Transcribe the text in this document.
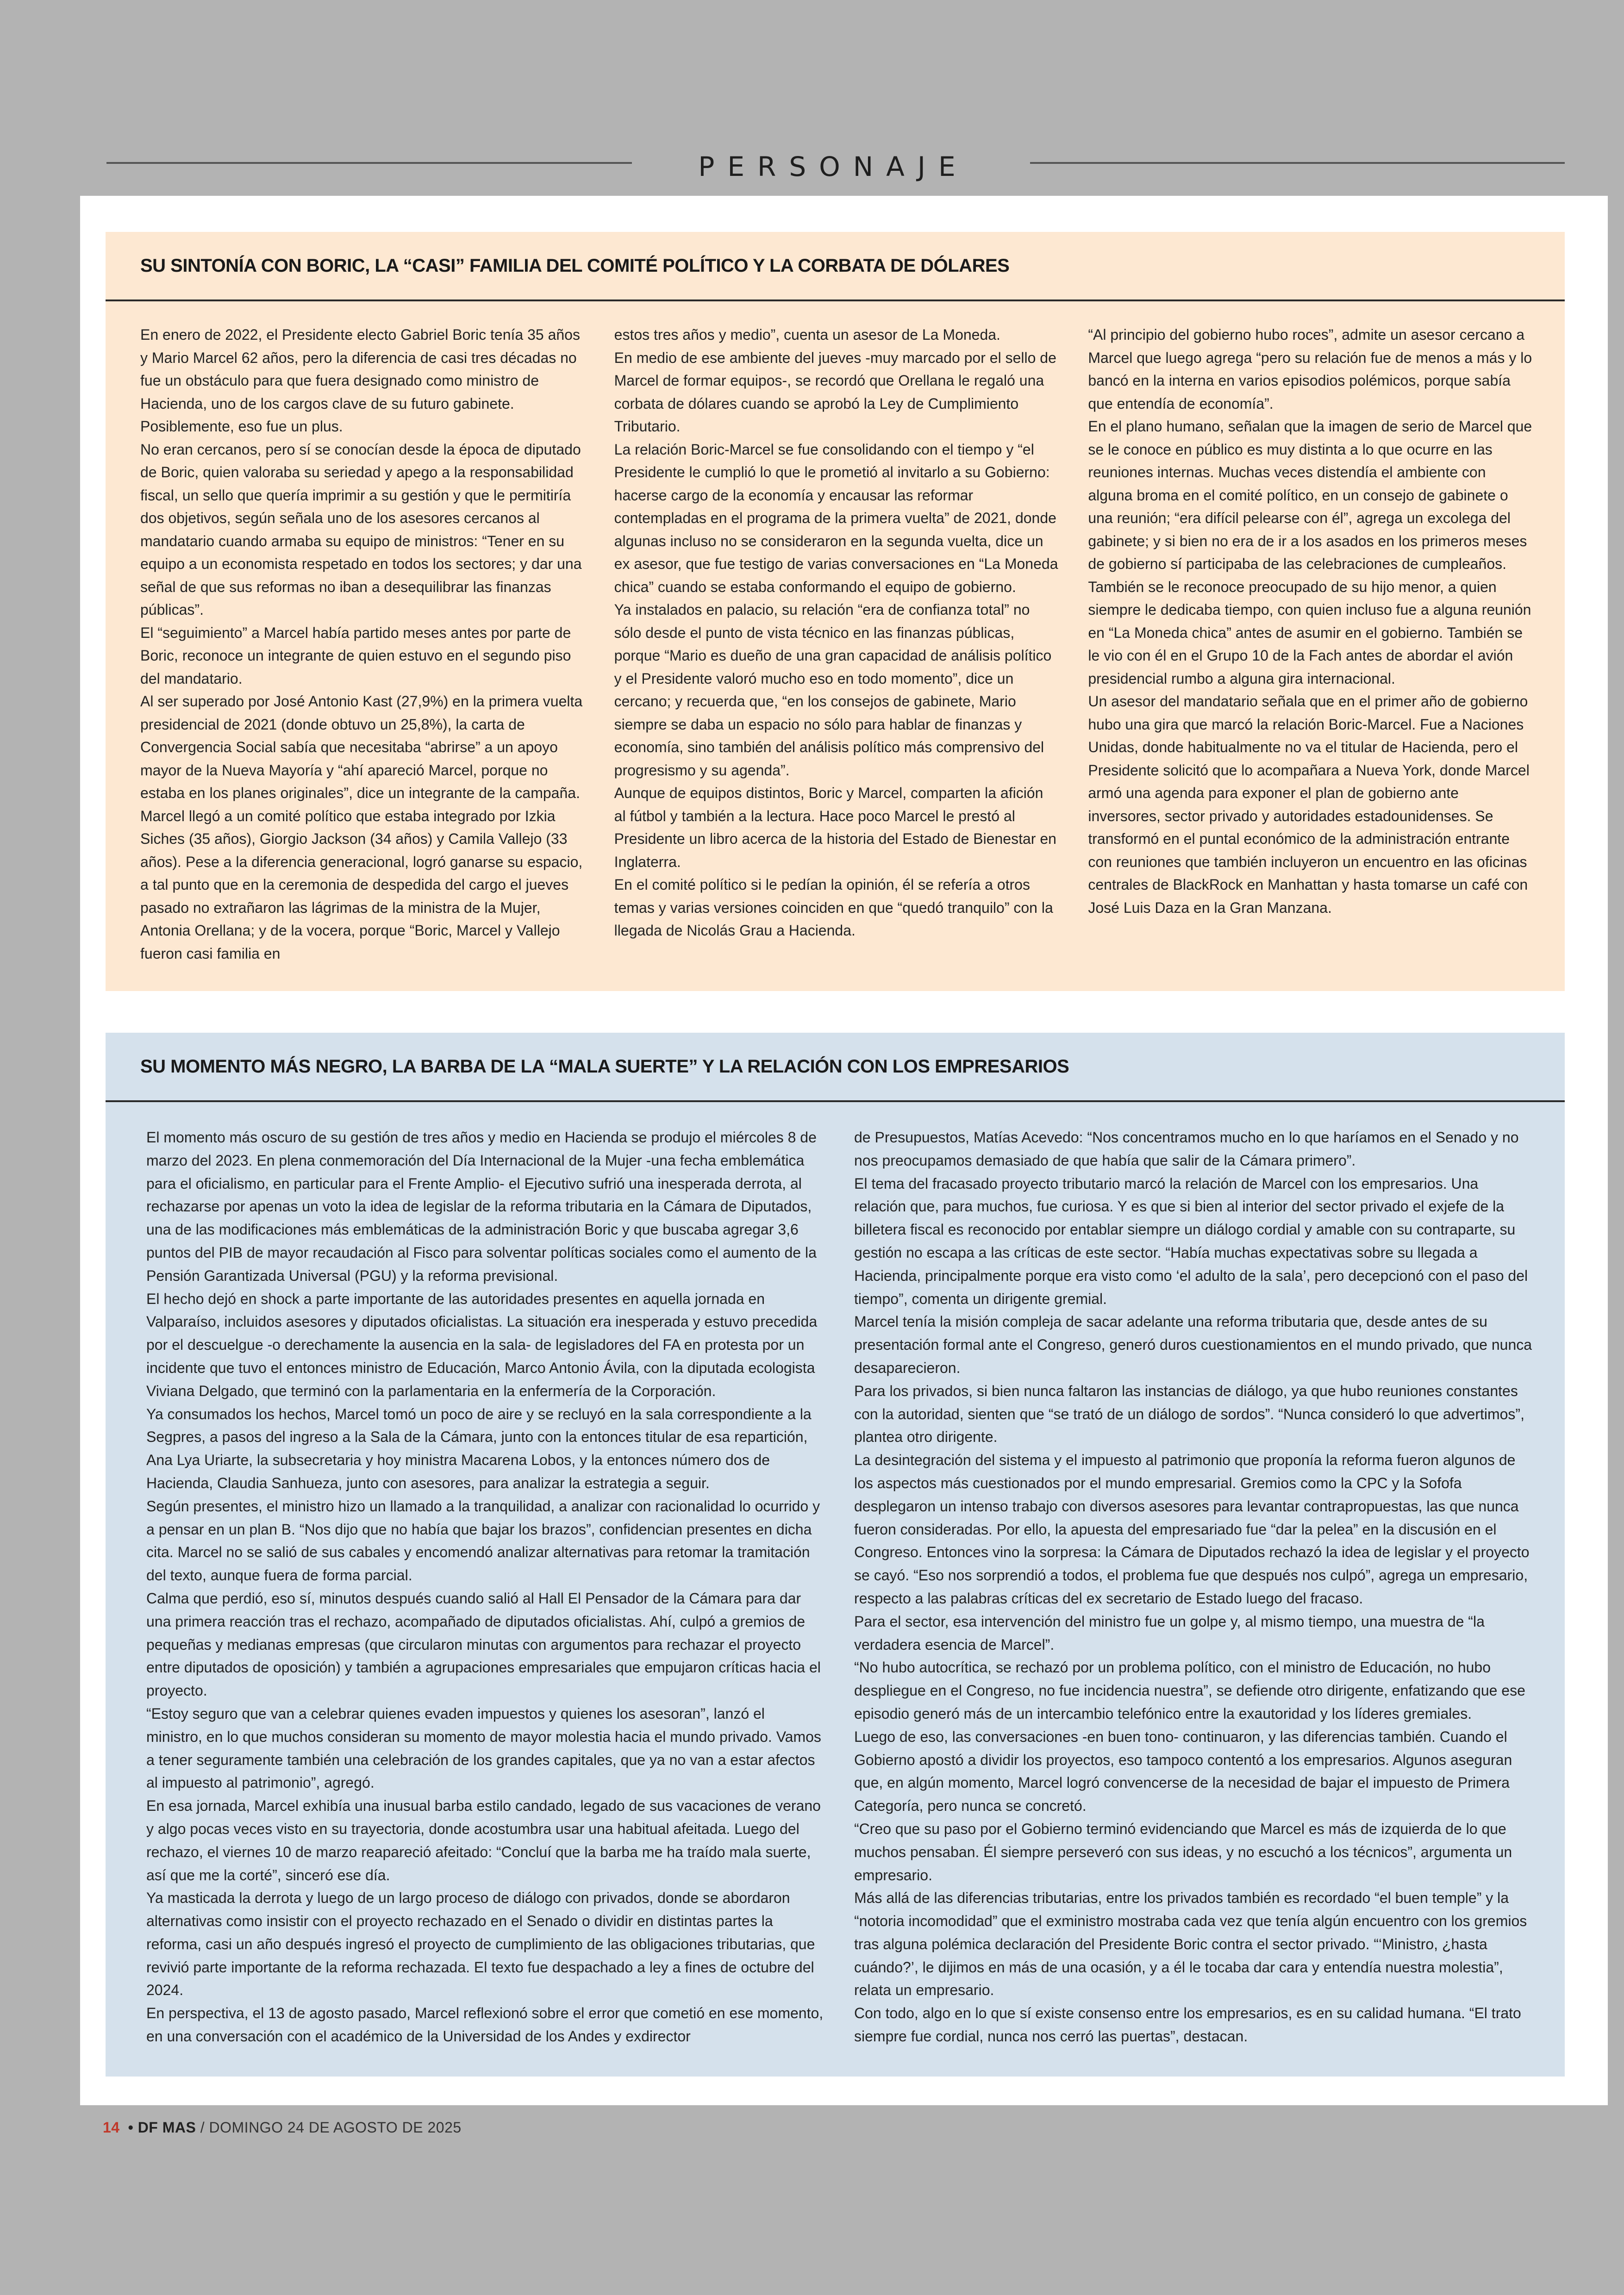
PERSONAJE
SU SINTONÍA CON BORIC, LA “CASI” FAMILIA DEL COMITÉ POLÍTICO Y LA CORBATA DE DÓLARES

En enero de 2022, el Presidente electo Gabriel Boric tenía 35 años y Mario Marcel 62 años, pero la diferencia de casi tres décadas no fue un obstáculo para que fuera designado como ministro de Hacienda, uno de los cargos clave de su futuro gabinete. Posiblemente, eso fue un plus.

No eran cercanos, pero sí se conocían desde la época de diputado de Boric, quien valoraba su seriedad y apego a la responsabilidad fiscal, un sello que quería imprimir a su gestión y que le permitiría dos objetivos, según señala uno de los asesores cercanos al mandatario cuando armaba su equipo de ministros: “Tener en su equipo a un economista respetado en todos los sectores; y dar una señal de que sus reformas no iban a desequilibrar las finanzas públicas”.

El “seguimiento” a Marcel había partido meses antes por parte de Boric, reconoce un integrante de quien estuvo en el segundo piso del mandatario.

Al ser superado por José Antonio Kast (27,9%) en la primera vuelta presidencial de 2021 (donde obtuvo un 25,8%), la carta de Convergencia Social sabía que necesitaba “abrirse” a un apoyo mayor de la Nueva Mayoría y “ahí apareció Marcel, porque no estaba en los planes originales”, dice un integrante de la campaña.

Marcel llegó a un comité político que estaba integrado por Izkia Siches (35 años), Giorgio Jackson (34 años) y Camila Vallejo (33 años). Pese a la diferencia generacional, logró ganarse su espacio, a tal punto que en la ceremonia de despedida del cargo el jueves pasado no extrañaron las lágrimas de la ministra de la Mujer, Antonia Orellana; y de la vocera, porque “Boric, Marcel y Vallejo fueron casi familia en

estos tres años y medio”, cuenta un asesor de La Moneda.

En medio de ese ambiente del jueves -muy marcado por el sello de Marcel de formar equipos-, se recordó que Orellana le regaló una corbata de dólares cuando se aprobó la Ley de Cumplimiento Tributario.

La relación Boric-Marcel se fue consolidando con el tiempo y “el Presidente le cumplió lo que le prometió al invitarlo a su Gobierno: hacerse cargo de la economía y encausar las reformar contempladas en el programa de la primera vuelta” de 2021, donde algunas incluso no se consideraron en la segunda vuelta, dice un ex asesor, que fue testigo de varias conversaciones en “La Moneda chica” cuando se estaba conformando el equipo de gobierno.

Ya instalados en palacio, su relación “era de confianza total” no sólo desde el punto de vista técnico en las finanzas públicas, porque “Mario es dueño de una gran capacidad de análisis político y el Presidente valoró mucho eso en todo momento”, dice un cercano; y recuerda que, “en los consejos de gabinete, Mario siempre se daba un espacio no sólo para hablar de finanzas y economía, sino también del análisis político más comprensivo del progresismo y su agenda”.

Aunque de equipos distintos, Boric y Marcel, comparten la afición al fútbol y también a la lectura. Hace poco Marcel le prestó al Presidente un libro acerca de la historia del Estado de Bienestar en Inglaterra.

En el comité político si le pedían la opinión, él se refería a otros temas y varias versiones coinciden en que “quedó tranquilo” con la llegada de Nicolás Grau a Hacienda.

“Al principio del gobierno hubo roces”, admite un asesor cercano a Marcel que luego agrega “pero su relación fue de menos a más y lo bancó en la interna en varios episodios polémicos, porque sabía que entendía de economía”.

En el plano humano, señalan que la imagen de serio de Marcel que se le conoce en público es muy distinta a lo que ocurre en las reuniones internas. Muchas veces distendía el ambiente con alguna broma en el comité político, en un consejo de gabinete o una reunión; “era difícil pelearse con él”, agrega un excolega del gabinete; y si bien no era de ir a los asados en los primeros meses de gobierno sí participaba de las celebraciones de cumpleaños.

También se le reconoce preocupado de su hijo menor, a quien siempre le dedicaba tiempo, con quien incluso fue a alguna reunión en “La Moneda chica” antes de asumir en el gobierno. También se le vio con él en el Grupo 10 de la Fach antes de abordar el avión presidencial rumbo a alguna gira internacional.

Un asesor del mandatario señala que en el primer año de gobierno hubo una gira que marcó la relación Boric-Marcel. Fue a Naciones Unidas, donde habitualmente no va el titular de Hacienda, pero el Presidente solicitó que lo acompañara a Nueva York, donde Marcel armó una agenda para exponer el plan de gobierno ante inversores, sector privado y autoridades estadounidenses. Se transformó en el puntal económico de la administración entrante con reuniones que también incluyeron un encuentro en las oficinas centrales de BlackRock en Manhattan y hasta tomarse un café con José Luis Daza en la Gran Manzana.

SU MOMENTO MÁS NEGRO, LA BARBA DE LA “MALA SUERTE” Y LA RELACIÓN CON LOS EMPRESARIOS

El momento más oscuro de su gestión de tres años y medio en Hacienda se produjo el miércoles 8 de marzo del 2023. En plena conmemoración del Día Internacional de la Mujer -una fecha emblemática para el oficialismo, en particular para el Frente Amplio- el Ejecutivo sufrió una inesperada derrota, al rechazarse por apenas un voto la idea de legislar de la reforma tributaria en la Cámara de Diputados, una de las modificaciones más emblemáticas de la administración Boric y que buscaba agregar 3,6 puntos del PIB de mayor recaudación al Fisco para solventar políticas sociales como el aumento de la Pensión Garantizada Universal (PGU) y la reforma previsional.

El hecho dejó en shock a parte importante de las autoridades presentes en aquella jornada en Valparaíso, incluidos asesores y diputados oficialistas. La situación era inesperada y estuvo precedida por el descuelgue -o derechamente la ausencia en la sala- de legisladores del FA en protesta por un incidente que tuvo el entonces ministro de Educación, Marco Antonio Ávila, con la diputada ecologista Viviana Delgado, que terminó con la parlamentaria en la enfermería de la Corporación.

Ya consumados los hechos, Marcel tomó un poco de aire y se recluyó en la sala correspondiente a la Segpres, a pasos del ingreso a la Sala de la Cámara, junto con la entonces titular de esa repartición, Ana Lya Uriarte, la subsecretaria y hoy ministra Macarena Lobos, y la entonces número dos de Hacienda, Claudia Sanhueza, junto con asesores, para analizar la estrategia a seguir.

Según presentes, el ministro hizo un llamado a la tranquilidad, a analizar con racionalidad lo ocurrido y a pensar en un plan B. “Nos dijo que no había que bajar los brazos”, confidencian presentes en dicha cita. Marcel no se salió de sus cabales y encomendó analizar alternativas para retomar la tramitación del texto, aunque fuera de forma parcial.

Calma que perdió, eso sí, minutos después cuando salió al Hall El Pensador de la Cámara para dar una primera reacción tras el rechazo, acompañado de diputados oficialistas. Ahí, culpó a gremios de pequeñas y medianas empresas (que circularon minutas con argumentos para rechazar el proyecto entre diputados de oposición) y también a agrupaciones empresariales que empujaron críticas hacia el proyecto.

“Estoy seguro que van a celebrar quienes evaden impuestos y quienes los asesoran”, lanzó el ministro, en lo que muchos consideran su momento de mayor molestia hacia el mundo privado. Vamos a tener seguramente también una celebración de los grandes capitales, que ya no van a estar afectos al impuesto al patrimonio”, agregó.

En esa jornada, Marcel exhibía una inusual barba estilo candado, legado de sus vacaciones de verano y algo pocas veces visto en su trayectoria, donde acostumbra usar una habitual afeitada. Luego del rechazo, el viernes 10 de marzo reapareció afeitado: “Concluí que la barba me ha traído mala suerte, así que me la corté”, sinceró ese día.

Ya masticada la derrota y luego de un largo proceso de diálogo con privados, donde se abordaron alternativas como insistir con el proyecto rechazado en el Senado o dividir en distintas partes la reforma, casi un año después ingresó el proyecto de cumplimiento de las obligaciones tributarias, que revivió parte importante de la reforma rechazada. El texto fue despachado a ley a fines de octubre del 2024.

En perspectiva, el 13 de agosto pasado, Marcel reflexionó sobre el error que cometió en ese momento, en una conversación con el académico de la Universidad de los Andes y exdirector

de Presupuestos, Matías Acevedo: “Nos concentramos mucho en lo que haríamos en el Senado y no nos preocupamos demasiado de que había que salir de la Cámara primero”.

El tema del fracasado proyecto tributario marcó la relación de Marcel con los empresarios. Una relación que, para muchos, fue curiosa. Y es que si bien al interior del sector privado el exjefe de la billetera fiscal es reconocido por entablar siempre un diálogo cordial y amable con su contraparte, su gestión no escapa a las críticas de este sector. “Había muchas expectativas sobre su llegada a Hacienda, principalmente porque era visto como ‘el adulto de la sala’, pero decepcionó con el paso del tiempo”, comenta un dirigente gremial.

Marcel tenía la misión compleja de sacar adelante una reforma tributaria que, desde antes de su presentación formal ante el Congreso, generó duros cuestionamientos en el mundo privado, que nunca desaparecieron.

Para los privados, si bien nunca faltaron las instancias de diálogo, ya que hubo reuniones constantes con la autoridad, sienten que “se trató de un diálogo de sordos”. “Nunca consideró lo que advertimos”, plantea otro dirigente.

La desintegración del sistema y el impuesto al patrimonio que proponía la reforma fueron algunos de los aspectos más cuestionados por el mundo empresarial. Gremios como la CPC y la Sofofa desplegaron un intenso trabajo con diversos asesores para levantar contrapropuestas, las que nunca fueron consideradas. Por ello, la apuesta del empresariado fue “dar la pelea” en la discusión en el Congreso. Entonces vino la sorpresa: la Cámara de Diputados rechazó la idea de legislar y el proyecto se cayó. “Eso nos sorprendió a todos, el problema fue que después nos culpó”, agrega un empresario, respecto a las palabras críticas del ex secretario de Estado luego del fracaso.

Para el sector, esa intervención del ministro fue un golpe y, al mismo tiempo, una muestra de “la verdadera esencia de Marcel”.

“No hubo autocrítica, se rechazó por un problema político, con el ministro de Educación, no hubo despliegue en el Congreso, no fue incidencia nuestra”, se defiende otro dirigente, enfatizando que ese episodio generó más de un intercambio telefónico entre la exautoridad y los líderes gremiales.

Luego de eso, las conversaciones -en buen tono- continuaron, y las diferencias también. Cuando el Gobierno apostó a dividir los proyectos, eso tampoco contentó a los empresarios. Algunos aseguran que, en algún momento, Marcel logró convencerse de la necesidad de bajar el impuesto de Primera Categoría, pero nunca se concretó.

“Creo que su paso por el Gobierno terminó evidenciando que Marcel es más de izquierda de lo que muchos pensaban. Él siempre perseveró con sus ideas, y no escuchó a los técnicos”, argumenta un empresario.

Más allá de las diferencias tributarias, entre los privados también es recordado “el buen temple” y la “notoria incomodidad” que el exministro mostraba cada vez que tenía algún encuentro con los gremios tras alguna polémica declaración del Presidente Boric contra el sector privado. “‘Ministro, ¿hasta cuándo?’, le dijimos en más de una ocasión, y a él le tocaba dar cara y entendía nuestra molestia”, relata un empresario.

Con todo, algo en lo que sí existe consenso entre los empresarios, es en su calidad humana. “El trato siempre fue cordial, nunca nos cerró las puertas”, destacan.

14 • DF MAS / DOMINGO 24 DE AGOSTO DE 2025
